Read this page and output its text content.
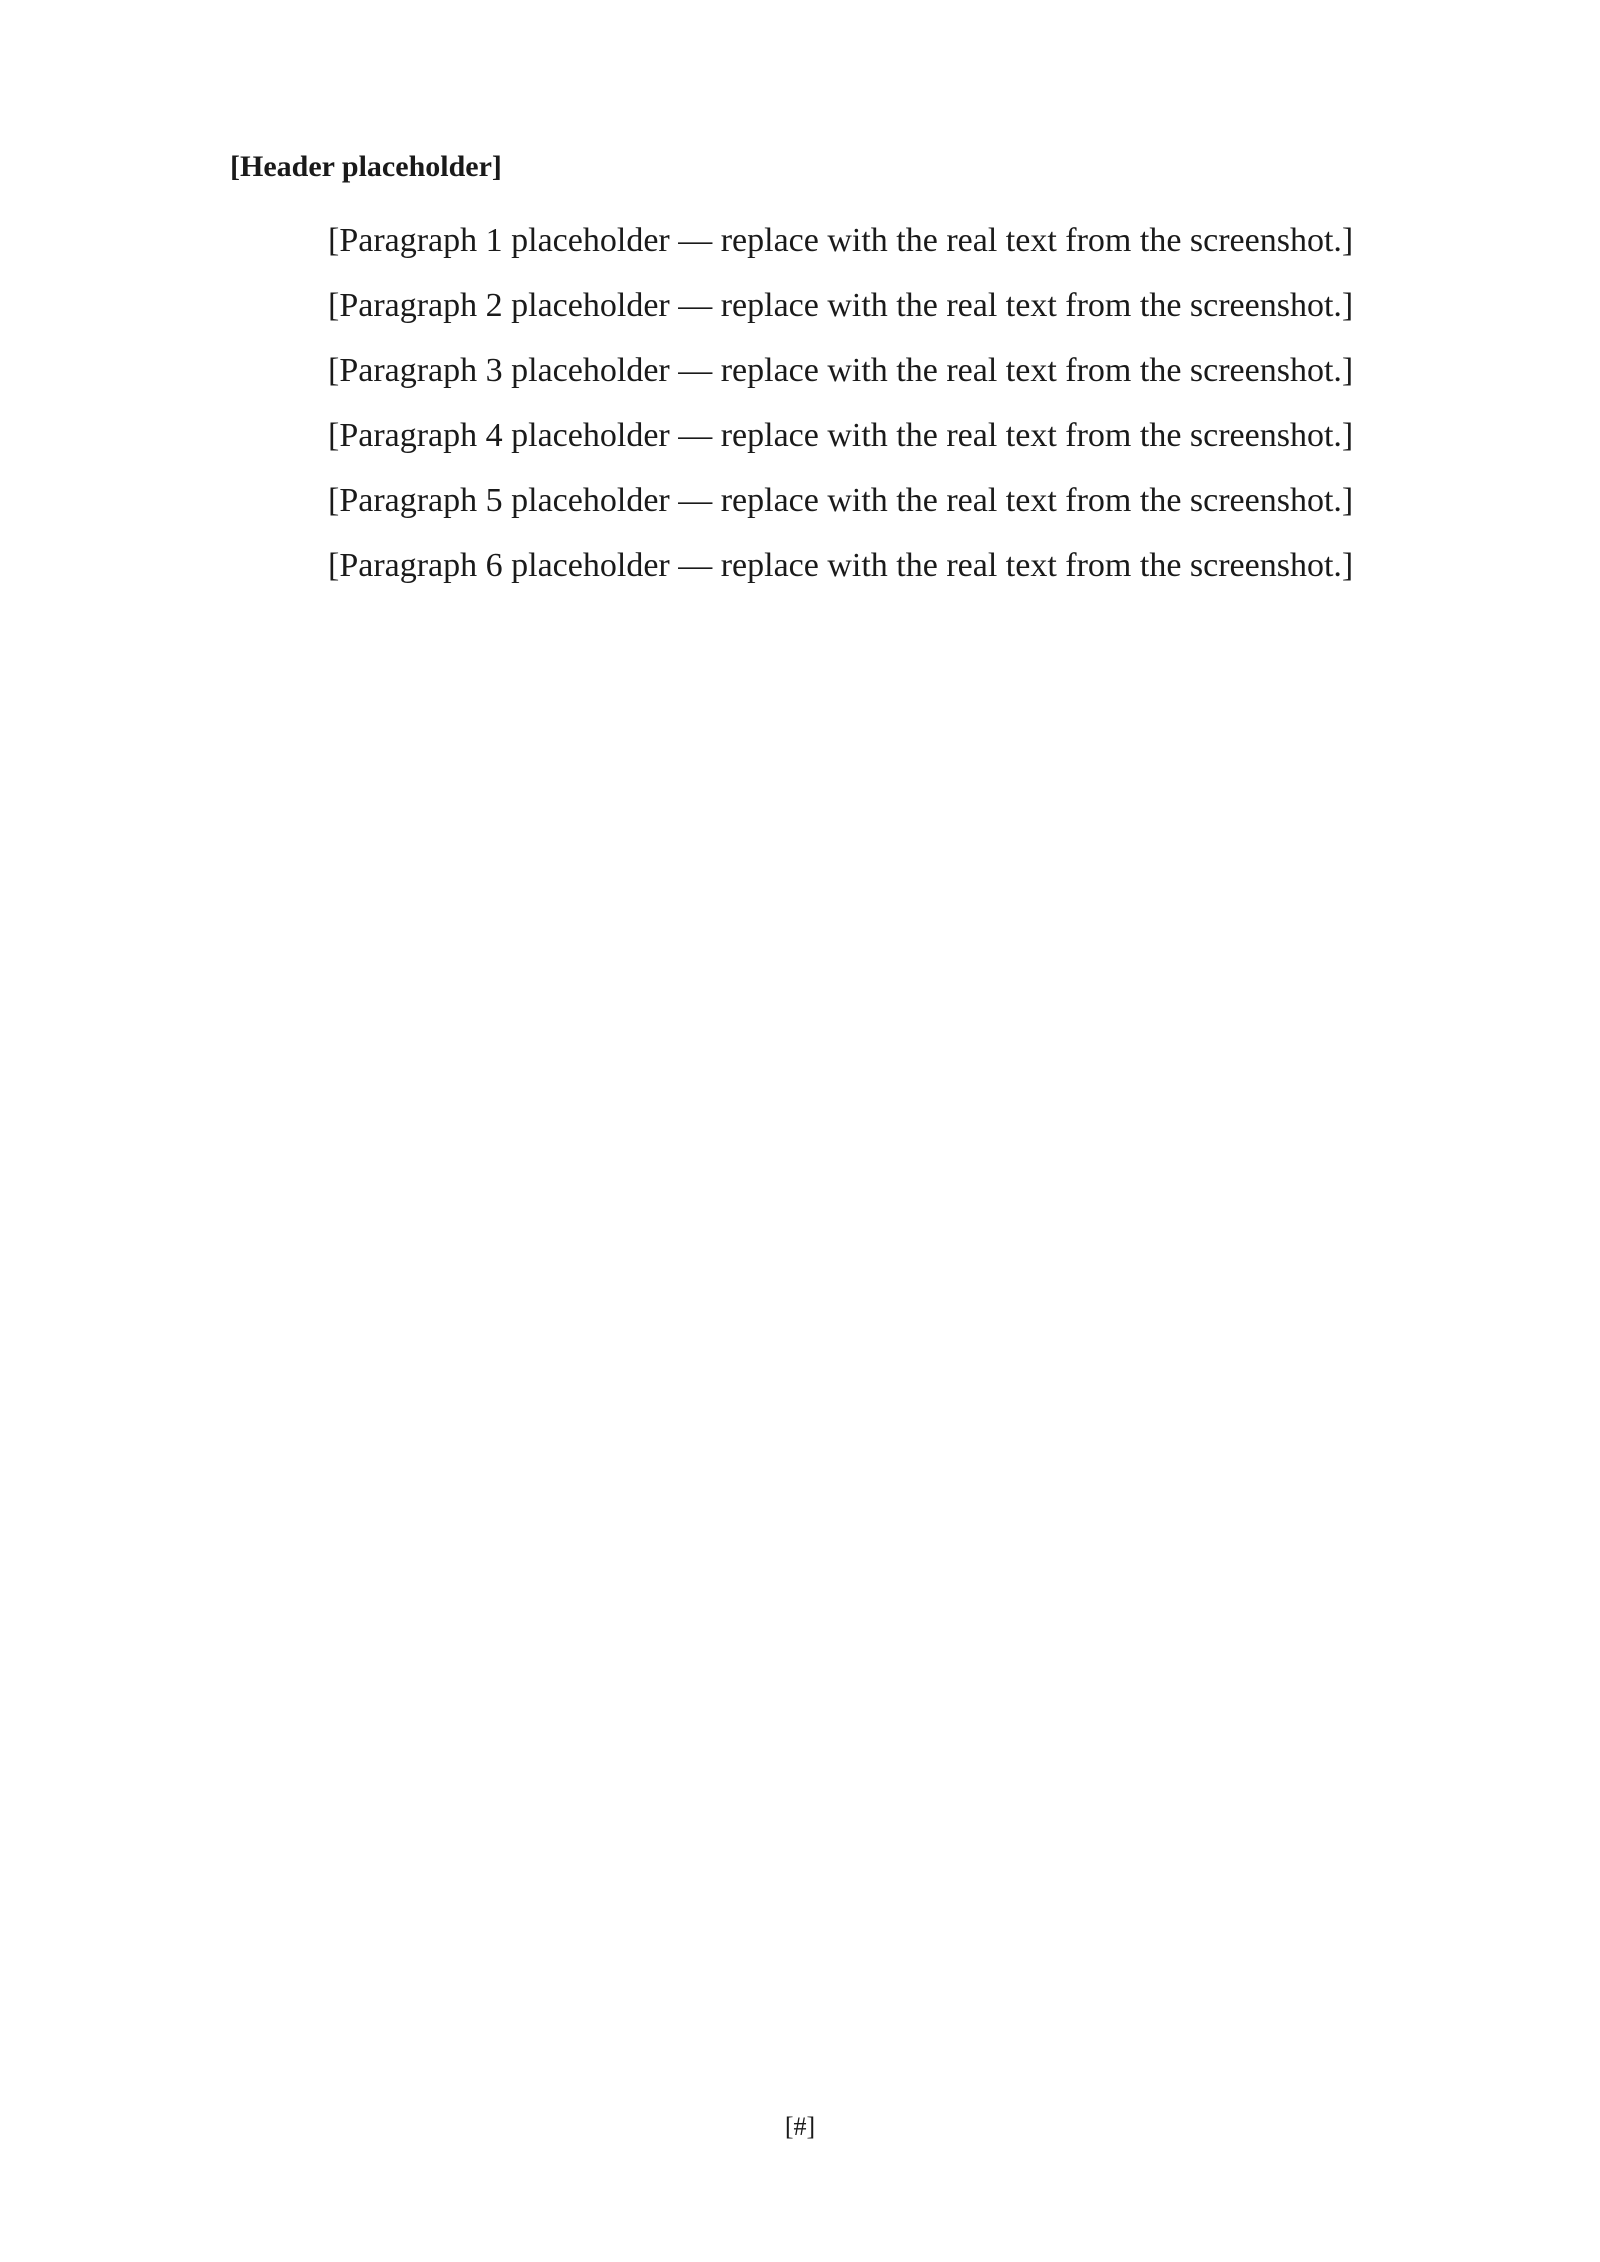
[Header placeholder]

[Paragraph 1 placeholder — replace with the real text from the screenshot.]

[Paragraph 2 placeholder — replace with the real text from the screenshot.]

[Paragraph 3 placeholder — replace with the real text from the screenshot.]

[Paragraph 4 placeholder — replace with the real text from the screenshot.]

[Paragraph 5 placeholder — replace with the real text from the screenshot.]

[Paragraph 6 placeholder — replace with the real text from the screenshot.]

[#]
